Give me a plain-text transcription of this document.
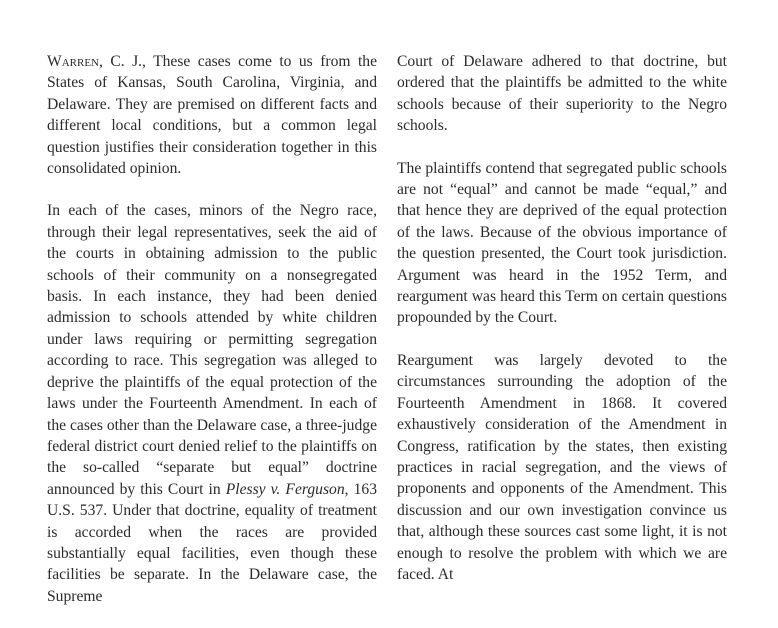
Warren, C. J., These cases come to us from the States of Kansas, South Carolina, Virginia, and Delaware. They are premised on different facts and different local conditions, but a common legal question justifies their consideration together in this consolidated opinion.

In each of the cases, minors of the Negro race, through their legal representatives, seek the aid of the courts in obtaining admission to the public schools of their community on a nonsegregated basis. In each instance, they had been denied admission to schools attended by white children under laws requiring or permitting segregation according to race. This segregation was alleged to deprive the plaintiffs of the equal protection of the laws under the Fourteenth Amendment. In each of the cases other than the Delaware case, a three-judge federal district court denied relief to the plaintiffs on the so-called “separate but equal” doctrine announced by this Court in Plessy v. Ferguson, 163 U.S. 537. Under that doctrine, equality of treatment is accorded when the races are provided substantially equal facilities, even though these facilities be separate. In the Delaware case, the Supreme

Court of Delaware adhered to that doctrine, but ordered that the plaintiffs be admitted to the white schools because of their superiority to the Negro schools.

The plaintiffs contend that segregated public schools are not “equal” and cannot be made “equal,” and that hence they are deprived of the equal protection of the laws. Because of the obvious importance of the question presented, the Court took jurisdiction. Argument was heard in the 1952 Term, and reargument was heard this Term on certain questions propounded by the Court.

Reargument was largely devoted to the circumstances surrounding the adoption of the Fourteenth Amendment in 1868. It covered exhaustively consideration of the Amendment in Congress, ratification by the states, then existing practices in racial segregation, and the views of proponents and opponents of the Amendment. This discussion and our own investigation convince us that, although these sources cast some light, it is not enough to resolve the problem with which we are faced. At
